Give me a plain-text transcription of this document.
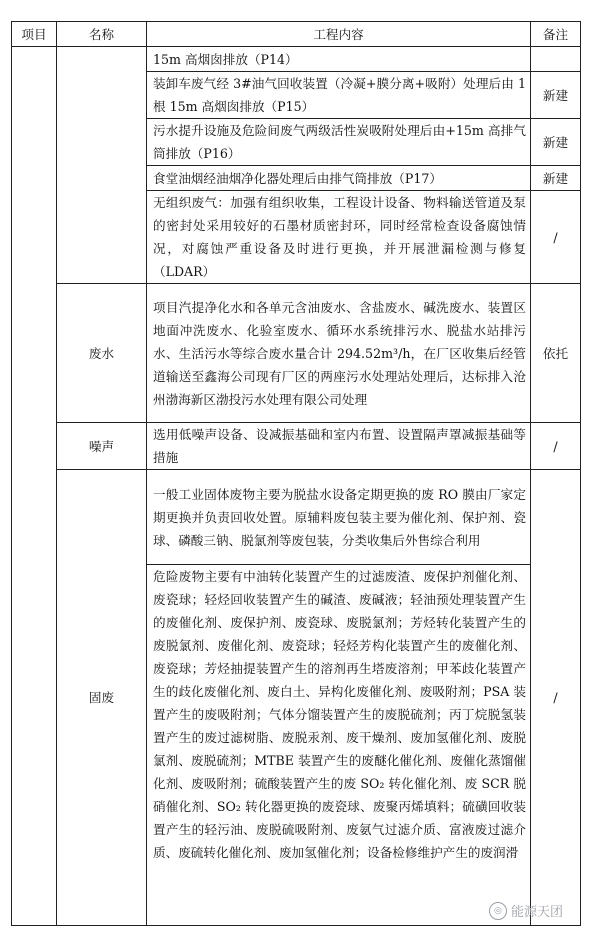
项目	名称	工程内容	备注
		15m 高烟囱排放（P14）	
		装卸车废气经 3#油气回收装置（冷凝+膜分离+吸附）处理后由 1 根 15m 高烟囱排放（P15）	新建
		污水提升设施及危险间废气两级活性炭吸附处理后由+15m 高排气筒排放（P16）	新建
		食堂油烟经油烟净化器处理后由排气筒排放（P17）	新建
		无组织废气：加强有组织收集，工程设计设备、物料输送管道及泵的密封处采用较好的石墨材质密封环，同时经常检查设备腐蚀情况，对腐蚀严重设备及时进行更换，并开展泄漏检测与修复（LDAR）	/
	废水	项目汽提净化水和各单元含油废水、含盐废水、碱洗废水、装置区地面冲洗废水、化验室废水、循环水系统排污水、脱盐水站排污水、生活污水等综合废水量合计 294.52m³/h，在厂区收集后经管道输送至鑫海公司现有厂区的两座污水处理站处理后，达标排入沧州渤海新区渤投污水处理有限公司处理	依托
	噪声	选用低噪声设备、设减振基础和室内布置、设置隔声罩减振基础等措施	/
	固废	一般工业固体废物主要为脱盐水设备定期更换的废 RO 膜由厂家定期更换并负责回收处置。原辅料废包装主要为催化剂、保护剂、瓷球、磷酸三钠、脱氯剂等废包装，分类收集后外售综合利用	/
		危险废物主要有中油转化装置产生的过滤废渣、废保护剂催化剂、废瓷球；轻烃回收装置产生的碱渣、废碱液；轻油预处理装置产生的废催化剂、废保护剂、废瓷球、废脱氯剂；芳烃转化装置产生的废脱氯剂、废催化剂、废瓷球；轻烃芳构化装置产生的废催化剂、废瓷球；芳烃抽提装置产生的溶剂再生塔废溶剂；甲苯歧化装置产生的歧化废催化剂、废白土、异构化废催化剂、废吸附剂；PSA 装置产生的废吸附剂；气体分馏装置产生的废脱硫剂；丙丁烷脱氢装置产生的废过滤树脂、废脱汞剂、废干燥剂、废加氢催化剂、废脱氯剂、废脱硫剂；MTBE 装置产生的废醚化催化剂、废催化蒸馏催化剂、废吸附剂；硫酸装置产生的废 SO₂ 转化催化剂、废 SCR 脱硝催化剂、SO₂ 转化器更换的废瓷球、废聚丙烯填料；硫磺回收装置产生的轻污油、废脱硫吸附剂、废氨气过滤介质、富液废过滤介质、废硫转化催化剂、废加氢催化剂；设备检修维护产生的废润滑	
◎ 能源天团
